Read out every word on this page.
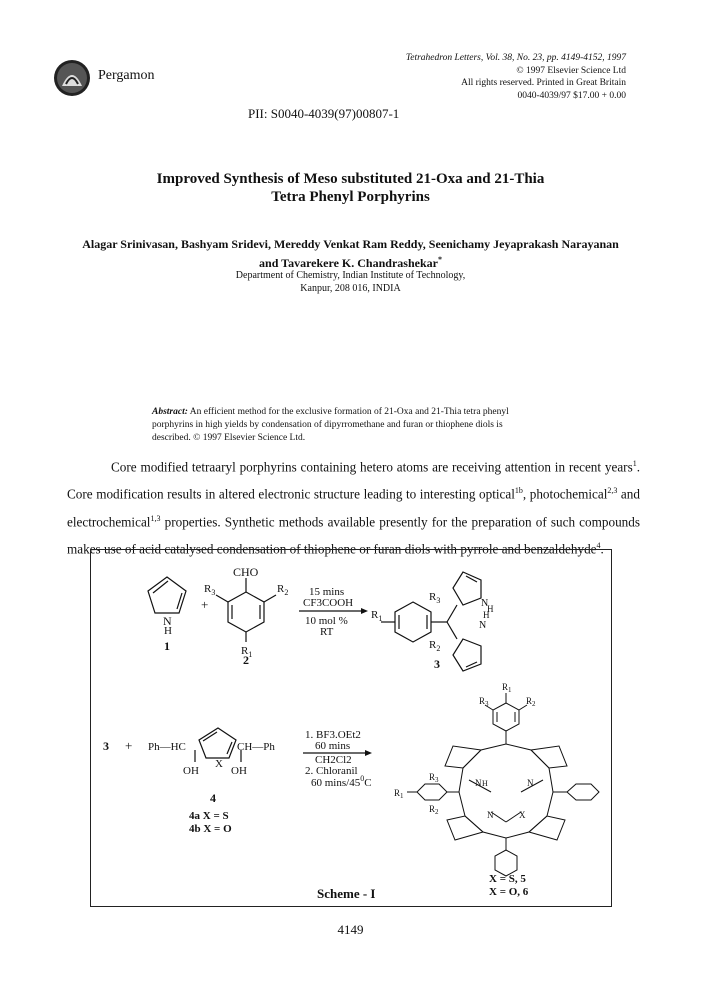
Pergamon
Tetrahedron Letters, Vol. 38, No. 23, pp. 4149-4152, 1997
© 1997 Elsevier Science Ltd
All rights reserved. Printed in Great Britain
0040-4039/97 $17.00 + 0.00
PII: S0040-4039(97)00807-1
Improved Synthesis of Meso substituted 21-Oxa and 21-Thia
Tetra Phenyl Porphyrins
Alagar Srinivasan, Bashyam Sridevi, Mereddy Venkat Ram Reddy, Seenichamy Jeyaprakash Narayanan
and Tavarekere K. Chandrashekar*
Department of Chemistry, Indian Institute of Technology,
Kanpur, 208 016, INDIA
Abstract: An efficient method for the exclusive formation of 21-Oxa and 21-Thia tetra phenyl
porphyrins in high yields by condensation of dipyrromethane and furan or thiophene diols is
described. © 1997 Elsevier Science Ltd.

Core modified tetraaryl porphyrins containing hetero atoms are receiving attention in recent years$^1$. Core modification results in altered electronic structure leading to interesting optical$^{1b}$, photochemical$^{2,3}$ and electrochemical$^{1,3}$ properties. Synthetic methods available presently for the preparation of such compounds makes use of acid catalysed condensation of thiophene or furan diols with pyrrole and benzaldehyde$^4$.

N
H
1
+
CHO
$R_3$	$R_2$
$R_1$
2
15 mins
CF3COOH
10 mol %
RT
$R_3$
$R_1$
$R_2$
N
H
H
N
3
3 + Ph—HC	CH—Ph
X
OH	OH
4
4a X = S
4b X = O
1. BF3.OEt2
60 mins
CH2Cl2
2. Chloranil
60 mins/$45^0C$
$R_1$
$R_3$	$R_2$
$R_1$
$R_3$
$R_2$
N H	N
N	X
X = S, 5
X = O, 6
Scheme - I
4149
